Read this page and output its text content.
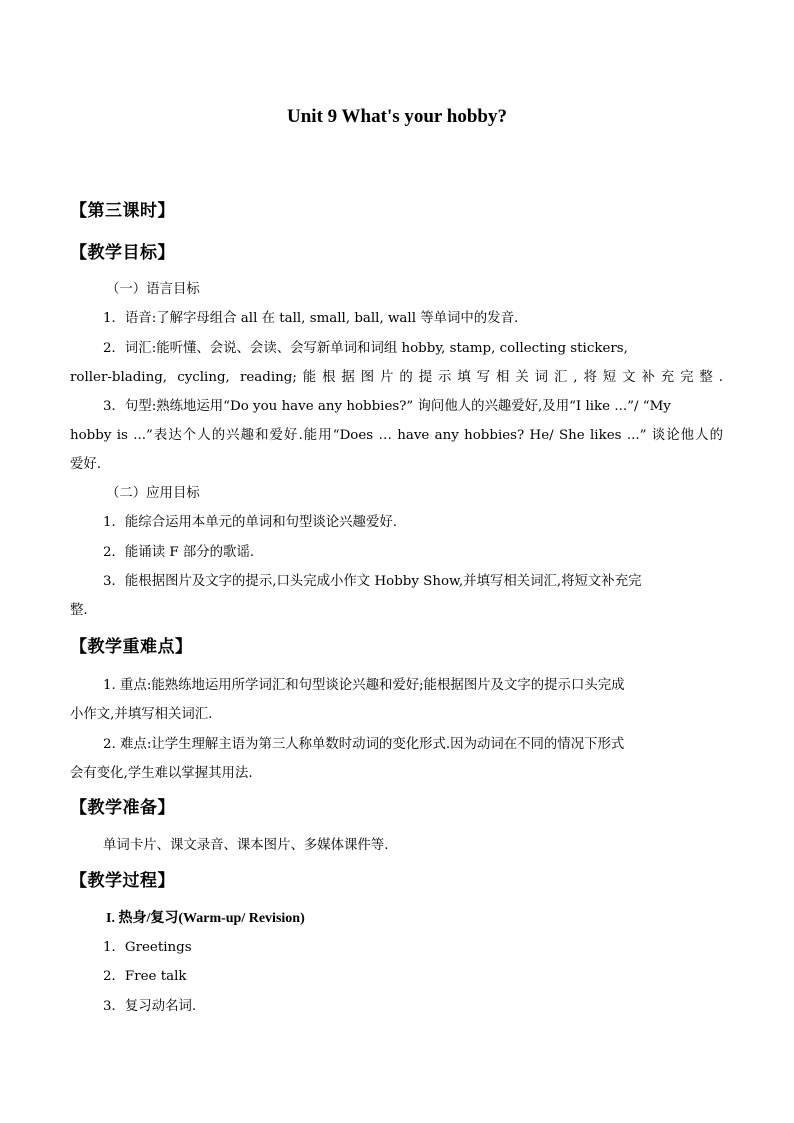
Unit 9 What's your hobby?
【第三课时】
【教学目标】
（一）语言目标
1．语音:了解字母组合 all 在 tall, small, ball, wall 等单词中的发音.
2．词汇:能听懂、会说、会读、会写新单词和词组 hobby, stamp, collecting stickers,
roller-blading, cycling, reading;能根据图片的提示填写相关词汇,将短文补充完整.
3．句型:熟练地运用“Do you have any hobbies?” 询问他人的兴趣爱好,及用“I like ...”/ “My
hobby is ...”表达个人的兴趣和爱好.能用“Does … have any hobbies? He/ She likes ...” 谈论他人的
爱好.
（二）应用目标
1．能综合运用本单元的单词和句型谈论兴趣爱好.
2．能诵读 F 部分的歌谣.
3．能根据图片及文字的提示,口头完成小作文 Hobby Show,并填写相关词汇,将短文补充完
整.
【教学重难点】
1. 重点:能熟练地运用所学词汇和句型谈论兴趣和爱好;能根据图片及文字的提示口头完成
小作文,并填写相关词汇.
2. 难点:让学生理解主语为第三人称单数时动词的变化形式.因为动词在不同的情况下形式
会有变化,学生难以掌握其用法.
【教学准备】
单词卡片、课文录音、课本图片、多媒体课件等.
【教学过程】
I. 热身/复习(Warm-up/ Revision)
1．Greetings
2．Free talk
3．复习动名词.
